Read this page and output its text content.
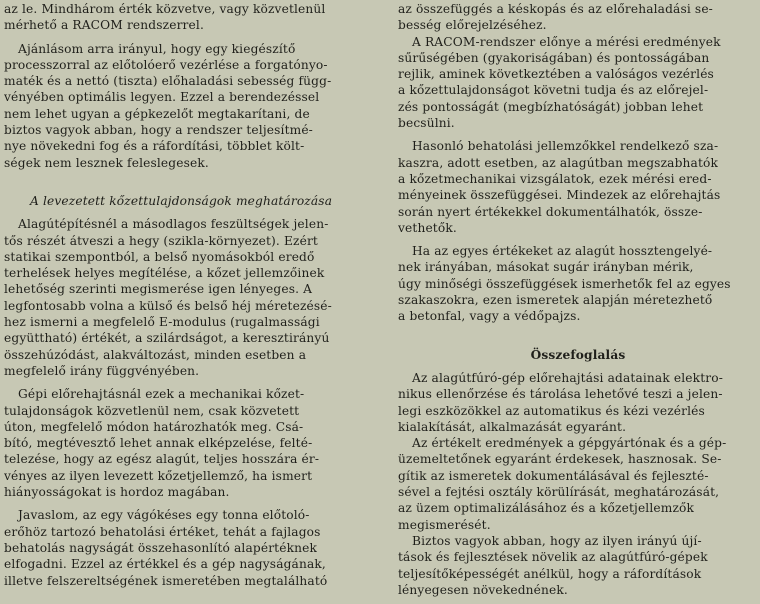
az le. Mindhárom érték közvetve, vagy közvetlenül
mérhető a RACOM rendszerrel.
Ajánlásom arra irányul, hogy egy kiegészítő
processzorral az előtolóerő vezérlése a forgatónyo-
maték és a nettó (tiszta) előhaladási sebesség függ-
vényében optimális legyen. Ezzel a berendezéssel
nem lehet ugyan a gépkezelőt megtakarítani, de
biztos vagyok abban, hogy a rendszer teljesítmé-
nye növekedni fog és a ráfordítási, többlet költ-
ségek nem lesznek feleslegesek.
A levezetett kőzettulajdonságok meghatározása
Alagútépítésnél a másodlagos feszültségek jelen-
tős részét átveszi a hegy (szikla-környezet). Ezért
statikai szempontból, a belső nyomásokból eredő
terhelések helyes megítélése, a kőzet jellemzőinek
lehetőség szerinti megismerése igen lényeges. A
legfontosabb volna a külső és belső héj méretezésé-
hez ismerni a megfelelő E-modulus (rugalmassági
együttható) értékét, a szilárdságot, a keresztirányú
összehúzódást, alakváltozást, minden esetben a
megfelelő irány függvényében.
Gépi előrehajtásnál ezek a mechanikai kőzet-
tulajdonságok közvetlenül nem, csak közvetett
úton, megfelelő módon határozhatók meg. Csá-
bító, megtévesztő lehet annak elképzelése, felté-
telezése, hogy az egész alagút, teljes hosszára ér-
vényes az ilyen levezett kőzetjellemző, ha ismert
hiányosságokat is hordoz magában.
Javaslom, az egy vágókéses egy tonna előtoló-
erőhöz tartozó behatolási értéket, tehát a fajlagos
behatolás nagyságát összehasonlító alapértéknek
elfogadni. Ezzel az értékkel és a gép nagyságának,
illetve felszereltségének ismeretében megtalálható
az összefüggés a késkopás és az előrehaladási se-
besség előrejelzéséhez.
A RACOM-rendszer előnye a mérési eredmények
sűrűségében (gyakoriságában) és pontosságában
rejlik, aminek következtében a valóságos vezérlés
a kőzettulajdonságot követni tudja és az előrejel-
zés pontosságát (megbízhatóságát) jobban lehet
becsülni.
Hasonló behatolási jellemzőkkel rendelkező sza-
kaszra, adott esetben, az alagútban megszabhatók
a kőzetmechanikai vizsgálatok, ezek mérési ered-
ményeinek összefüggései. Mindezek az előrehajtás
során nyert értékekkel dokumentálhatók, össze-
vethetők.
Ha az egyes értékeket az alagút hossztengelyé-
nek irányában, másokat sugár irányban mérik,
úgy minőségi összefüggések ismerhetők fel az egyes
szakaszokra, ezen ismeretek alapján méretezhető
a betonfal, vagy a védőpajzs.
Összefoglalás
Az alagútfúró-gép előrehajtási adatainak elektro-
nikus ellenőrzése és tárolása lehetővé teszi a jelen-
legi eszközökkel az automatikus és kézi vezérlés
kialakítását, alkalmazását egyaránt.
Az értékelt eredmények a gépgyártónak és a gép-
üzemeltetőnek egyaránt érdekesek, hasznosak. Se-
gítik az ismeretek dokumentálásával és fejleszté-
sével a fejtési osztály körülírását, meghatározását,
az üzem optimalizálásához és a kőzetjellemzők
megismerését.
Biztos vagyok abban, hogy az ilyen irányú újí-
tások és fejlesztések növelik az alagútfúró-gépek
teljesítőképességét anélkül, hogy a ráfordítások
lényegesen növekednének.
